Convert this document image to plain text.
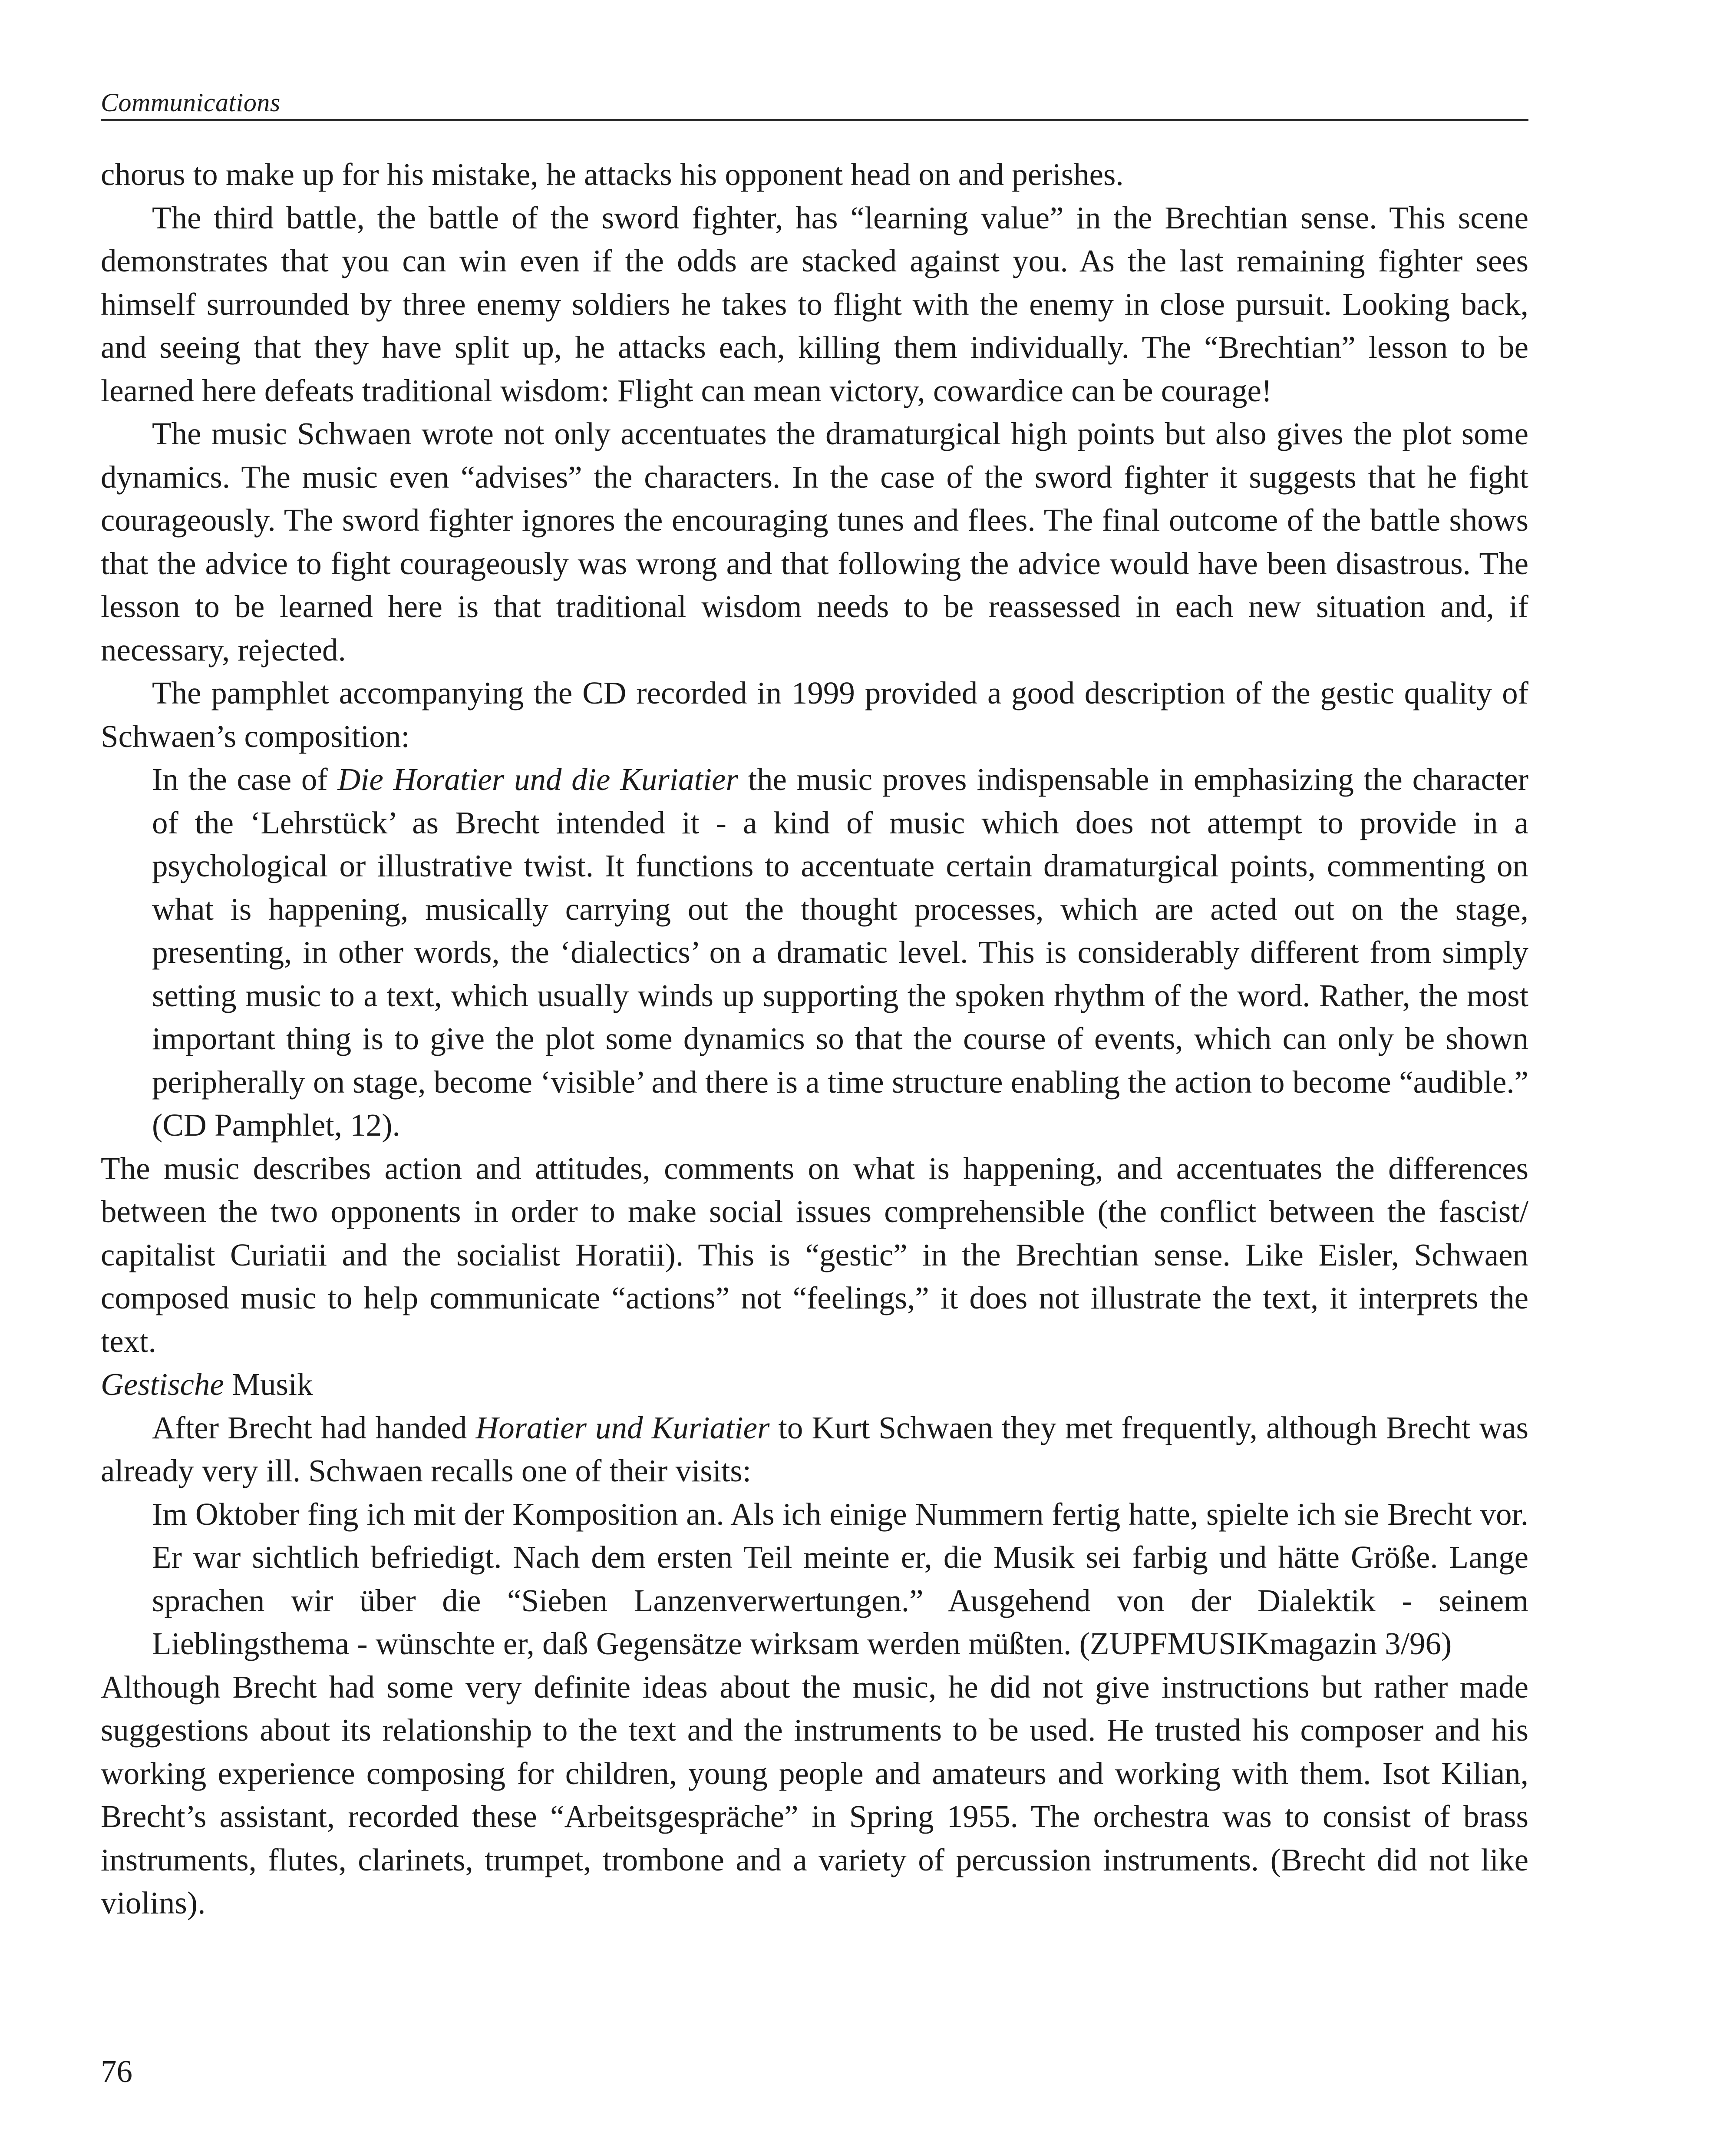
Communications

chorus to make up for his mistake, he attacks his opponent head on and perishes.

The third battle, the battle of the sword fighter, has “learning value” in the Brechtian sense. This scene demonstrates that you can win even if the odds are stacked against you. As the last remaining fighter sees himself surrounded by three enemy soldiers he takes to flight with the enemy in close pursuit. Looking back, and seeing that they have split up, he attacks each, killing them individually. The “Brechtian” lesson to be learned here defeats traditional wisdom: Flight can mean victory, cowardice can be courage!

The music Schwaen wrote not only accentuates the dramaturgical high points but also gives the plot some dynamics. The music even “advises” the characters. In the case of the sword fighter it suggests that he fight courageously. The sword fighter ignores the encouraging tunes and flees. The final outcome of the battle shows that the advice to fight courageously was wrong and that following the advice would have been disastrous. The lesson to be learned here is that traditional wisdom needs to be reassessed in each new situation and, if necessary, rejected.

The pamphlet accompanying the CD recorded in 1999 provided a good description of the gestic quality of Schwaen’s composition:

In the case of Die Horatier und die Kuriatier the music proves indispensable in emphasizing the character of the ‘Lehrstück’ as Brecht intended it - a kind of music which does not attempt to provide in a psychological or illustrative twist. It functions to accentuate certain dramaturgical points, commenting on what is happening, musically carrying out the thought processes, which are acted out on the stage, presenting, in other words, the ‘dialectics’ on a dramatic level. This is considerably different from simply setting music to a text, which usually winds up supporting the spoken rhythm of the word. Rather, the most important thing is to give the plot some dynamics so that the course of events, which can only be shown peripherally on stage, become ‘visible’ and there is a time structure enabling the action to become “audible.” (CD Pamphlet, 12).

The music describes action and attitudes, comments on what is happening, and accentuates the differences between the two opponents in order to make social issues comprehensible (the conflict between the fascist/ capitalist Curiatii and the socialist Horatii). This is “gestic” in the Brechtian sense. Like Eisler, Schwaen composed music to help communicate “actions” not “feelings,” it does not illustrate the text, it interprets the text.

Gestische Musik

After Brecht had handed Horatier und Kuriatier to Kurt Schwaen they met frequently, although Brecht was already very ill. Schwaen recalls one of their visits:

Im Oktober fing ich mit der Komposition an. Als ich einige Nummern fertig hatte, spielte ich sie Brecht vor. Er war sichtlich befriedigt. Nach dem ersten Teil meinte er, die Musik sei farbig und hätte Größe. Lange sprachen wir über die “Sieben Lanzenverwertungen.” Ausgehend von der Dialektik - seinem Lieblingsthema - wünschte er, daß Gegensätze wirksam werden müßten. (ZUPFMUSIKmagazin 3/96)

Although Brecht had some very definite ideas about the music, he did not give instructions but rather made suggestions about its relationship to the text and the instruments to be used. He trusted his composer and his working experience composing for children, young people and amateurs and working with them. Isot Kilian, Brecht’s assistant, recorded these “Arbeitsgespräche” in Spring 1955. The orchestra was to consist of brass instruments, flutes, clarinets, trumpet, trombone and a variety of percussion instruments. (Brecht did not like violins).

76
